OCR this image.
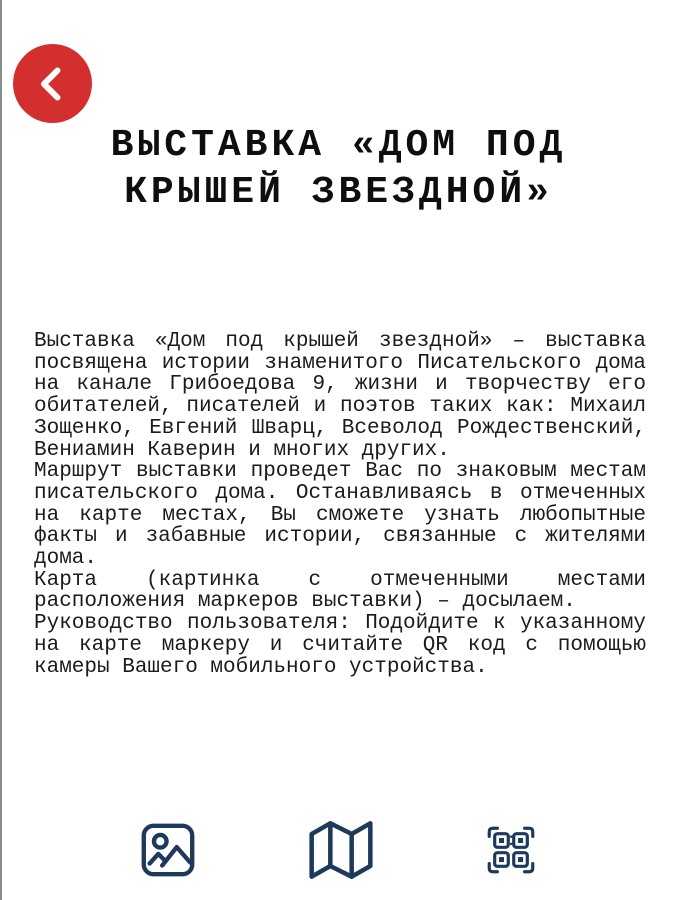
ВЫСТАВКА «ДОМ ПОД
КРЫШЕЙ ЗВЕЗДНОЙ»

Выставка «Дом под крышей звездной» – выставка посвящена истории знаменитого Писательского дома на канале Грибоедова 9, жизни и творчеству его обитателей, писателей и поэтов таких как: Михаил Зощенко, Евгений Шварц, Всеволод Рождественский, Вениамин Каверин и многих других.

Маршрут выставки проведет Вас по знаковым местам писательского дома. Останавливаясь в отмеченных на карте местах, Вы сможете узнать любопытные факты и забавные истории, связанные с жителями дома.

Карта (картинка с отмеченными местами расположения маркеров выставки) – досылаем.

Руководство пользователя: Подойдите к указанному на карте маркеру и считайте QR код с помощью камеры Вашего мобильного устройства.
